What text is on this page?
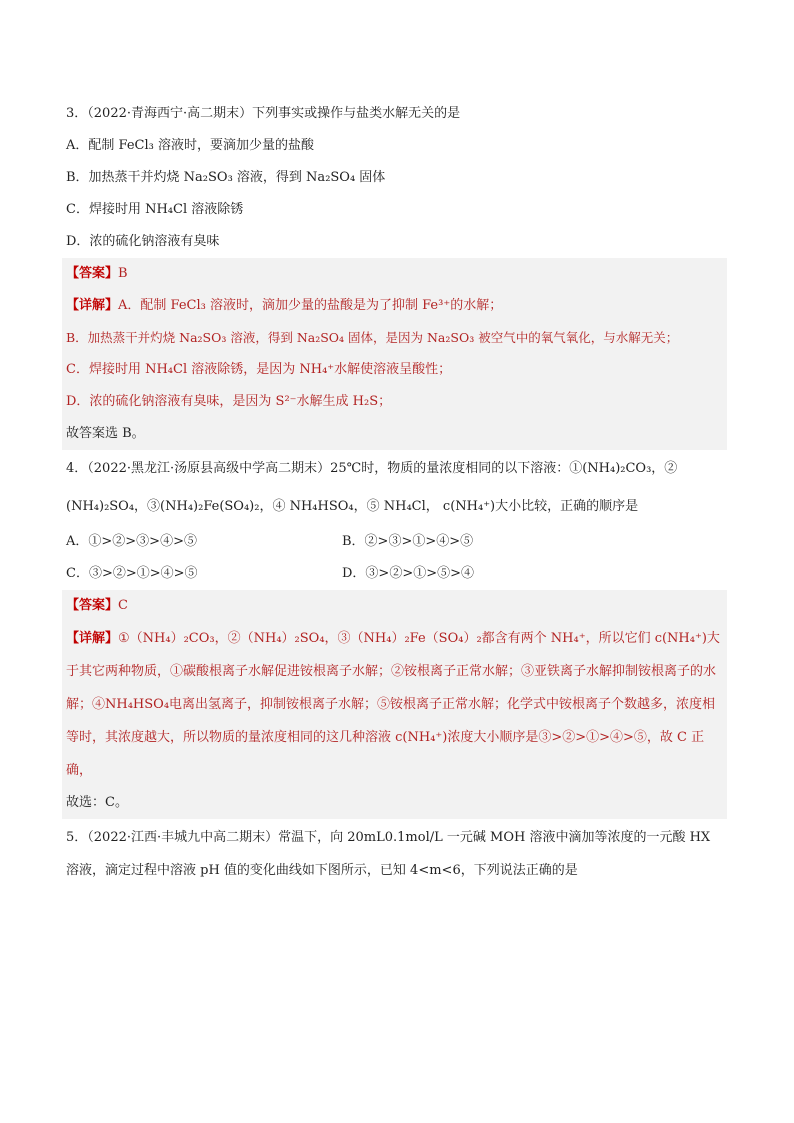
3．（2022·青海西宁·高二期末）下列事实或操作与盐类水解无关的是
A．配制 FeCl₃ 溶液时，要滴加少量的盐酸
B．加热蒸干并灼烧 Na₂SO₃ 溶液，得到 Na₂SO₄ 固体
C．焊接时用 NH₄Cl 溶液除锈
D．浓的硫化钠溶液有臭味
【答案】B
【详解】A．配制 FeCl₃ 溶液时，滴加少量的盐酸是为了抑制 Fe³⁺的水解；
B．加热蒸干并灼烧 Na₂SO₃ 溶液，得到 Na₂SO₄ 固体，是因为 Na₂SO₃ 被空气中的氧气氧化，与水解无关；
C．焊接时用 NH₄Cl 溶液除锈，是因为 NH₄⁺水解使溶液呈酸性；
D．浓的硫化钠溶液有臭味，是因为 S²⁻水解生成 H₂S；
故答案选 B。
4．（2022·黑龙江·汤原县高级中学高二期末）25℃时，物质的量浓度相同的以下溶液：①(NH₄)₂CO₃，②
(NH₄)₂SO₄，③(NH₄)₂Fe(SO₄)₂，④ NH₄HSO₄，⑤ NH₄Cl， c(NH₄⁺)大小比较，正确的顺序是
A．①>②>③>④>⑤	B．②>③>①>④>⑤
C．③>②>①>④>⑤	D．③>②>①>⑤>④
【答案】C
【详解】①（NH₄）₂CO₃，②（NH₄）₂SO₄，③（NH₄）₂Fe（SO₄）₂都含有两个 NH₄⁺，所以它们 c(NH₄⁺)大于其它两种物质，①碳酸根离子水解促进铵根离子水解；②铵根离子正常水解；③亚铁离子水解抑制铵根离子的水解；④NH₄HSO₄电离出氢离子，抑制铵根离子水解；⑤铵根离子正常水解；化学式中铵根离子个数越多，浓度相等时，其浓度越大，所以物质的量浓度相同的这几种溶液 c(NH₄⁺)浓度大小顺序是③>②>①>④>⑤，故 C 正确，
故选：C。
5．（2022·江西·丰城九中高二期末）常温下，向 20mL0.1mol/L 一元碱 MOH 溶液中滴加等浓度的一元酸 HX 溶液，滴定过程中溶液 pH 值的变化曲线如下图所示，已知 4<m<6，下列说法正确的是
